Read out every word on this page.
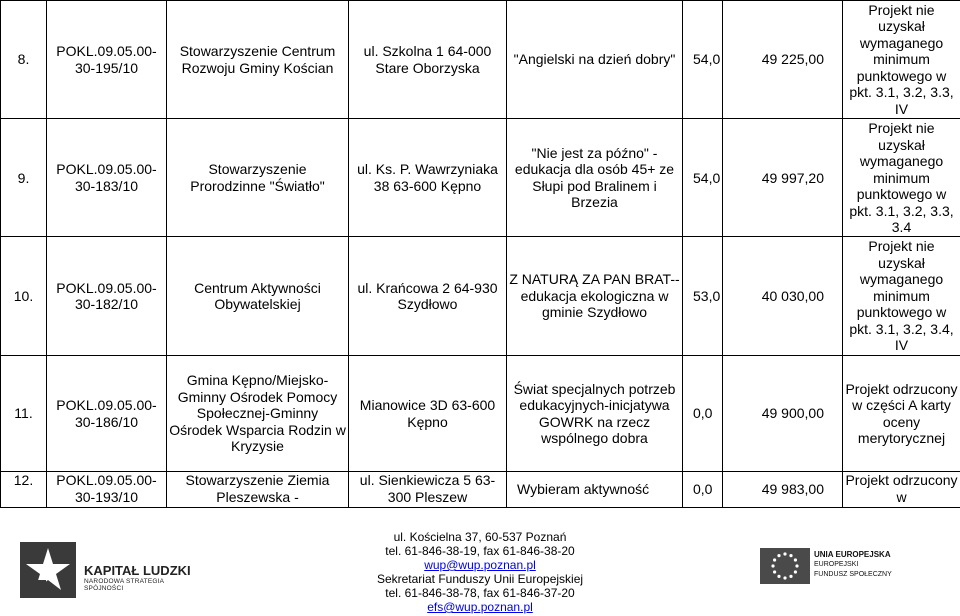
8.	POKL.09.05.00-30-195/10	Stowarzyszenie Centrum Rozwoju Gminy Kościan	ul. Szkolna 1 64-000 Stare Oborzyska	"Angielski na dzień dobry"	54,0	49 225,00	Projekt nie uzyskał wymaganego minimum punktowego w pkt. 3.1, 3.2, 3.3, IV
9.	POKL.09.05.00-30-183/10	Stowarzyszenie Prorodzinne "Światło"	ul. Ks. P. Wawrzyniaka 38 63-600 Kępno	"Nie jest za późno" - edukacja dla osób 45+ ze Słupi pod Bralinem i Brzezia	54,0	49 997,20	Projekt nie uzyskał wymaganego minimum punktowego w pkt. 3.1, 3.2, 3.3, 3.4
10.	POKL.09.05.00-30-182/10	Centrum Aktywności Obywatelskiej	ul. Krańcowa 2 64-930 Szydłowo	Z NATURĄ ZA PAN BRAT--edukacja ekologiczna w gminie Szydłowo	53,0	40 030,00	Projekt nie uzyskał wymaganego minimum punktowego w pkt. 3.1, 3.2, 3.4, IV
11.	POKL.09.05.00-30-186/10	Gmina Kępno/Miejsko-Gminny Ośrodek Pomocy Społecznej-Gminny Ośrodek Wsparcia Rodzin w Kryzysie	Mianowice 3D 63-600 Kępno	Świat specjalnych potrzeb edukacyjnych-inicjatywa GOWRK na rzecz wspólnego dobra	0,0	49 900,00	Projekt odrzucony w części A karty oceny merytorycznej
12.	POKL.09.05.00-30-193/10	Stowarzyszenie Ziemia Pleszewska -	ul. Sienkiewicza 5 63-300 Pleszew	Wybieram aktywność	0,0	49 983,00	Projekt odrzucony w
KAPITAŁ LUDZKI
NARODOWA STRATEGIA SPÓJNOŚCI
ul. Kościelna 37, 60-537 Poznań
tel. 61-846-38-19, fax 61-846-38-20
wup@wup.poznan.pl
Sekretariat Funduszy Unii Europejskiej
tel. 61-846-38-78, fax 61-846-37-20
efs@wup.poznan.pl
UNIA EUROPEJSKA
EUROPEJSKI
FUNDUSZ SPOŁECZNY
